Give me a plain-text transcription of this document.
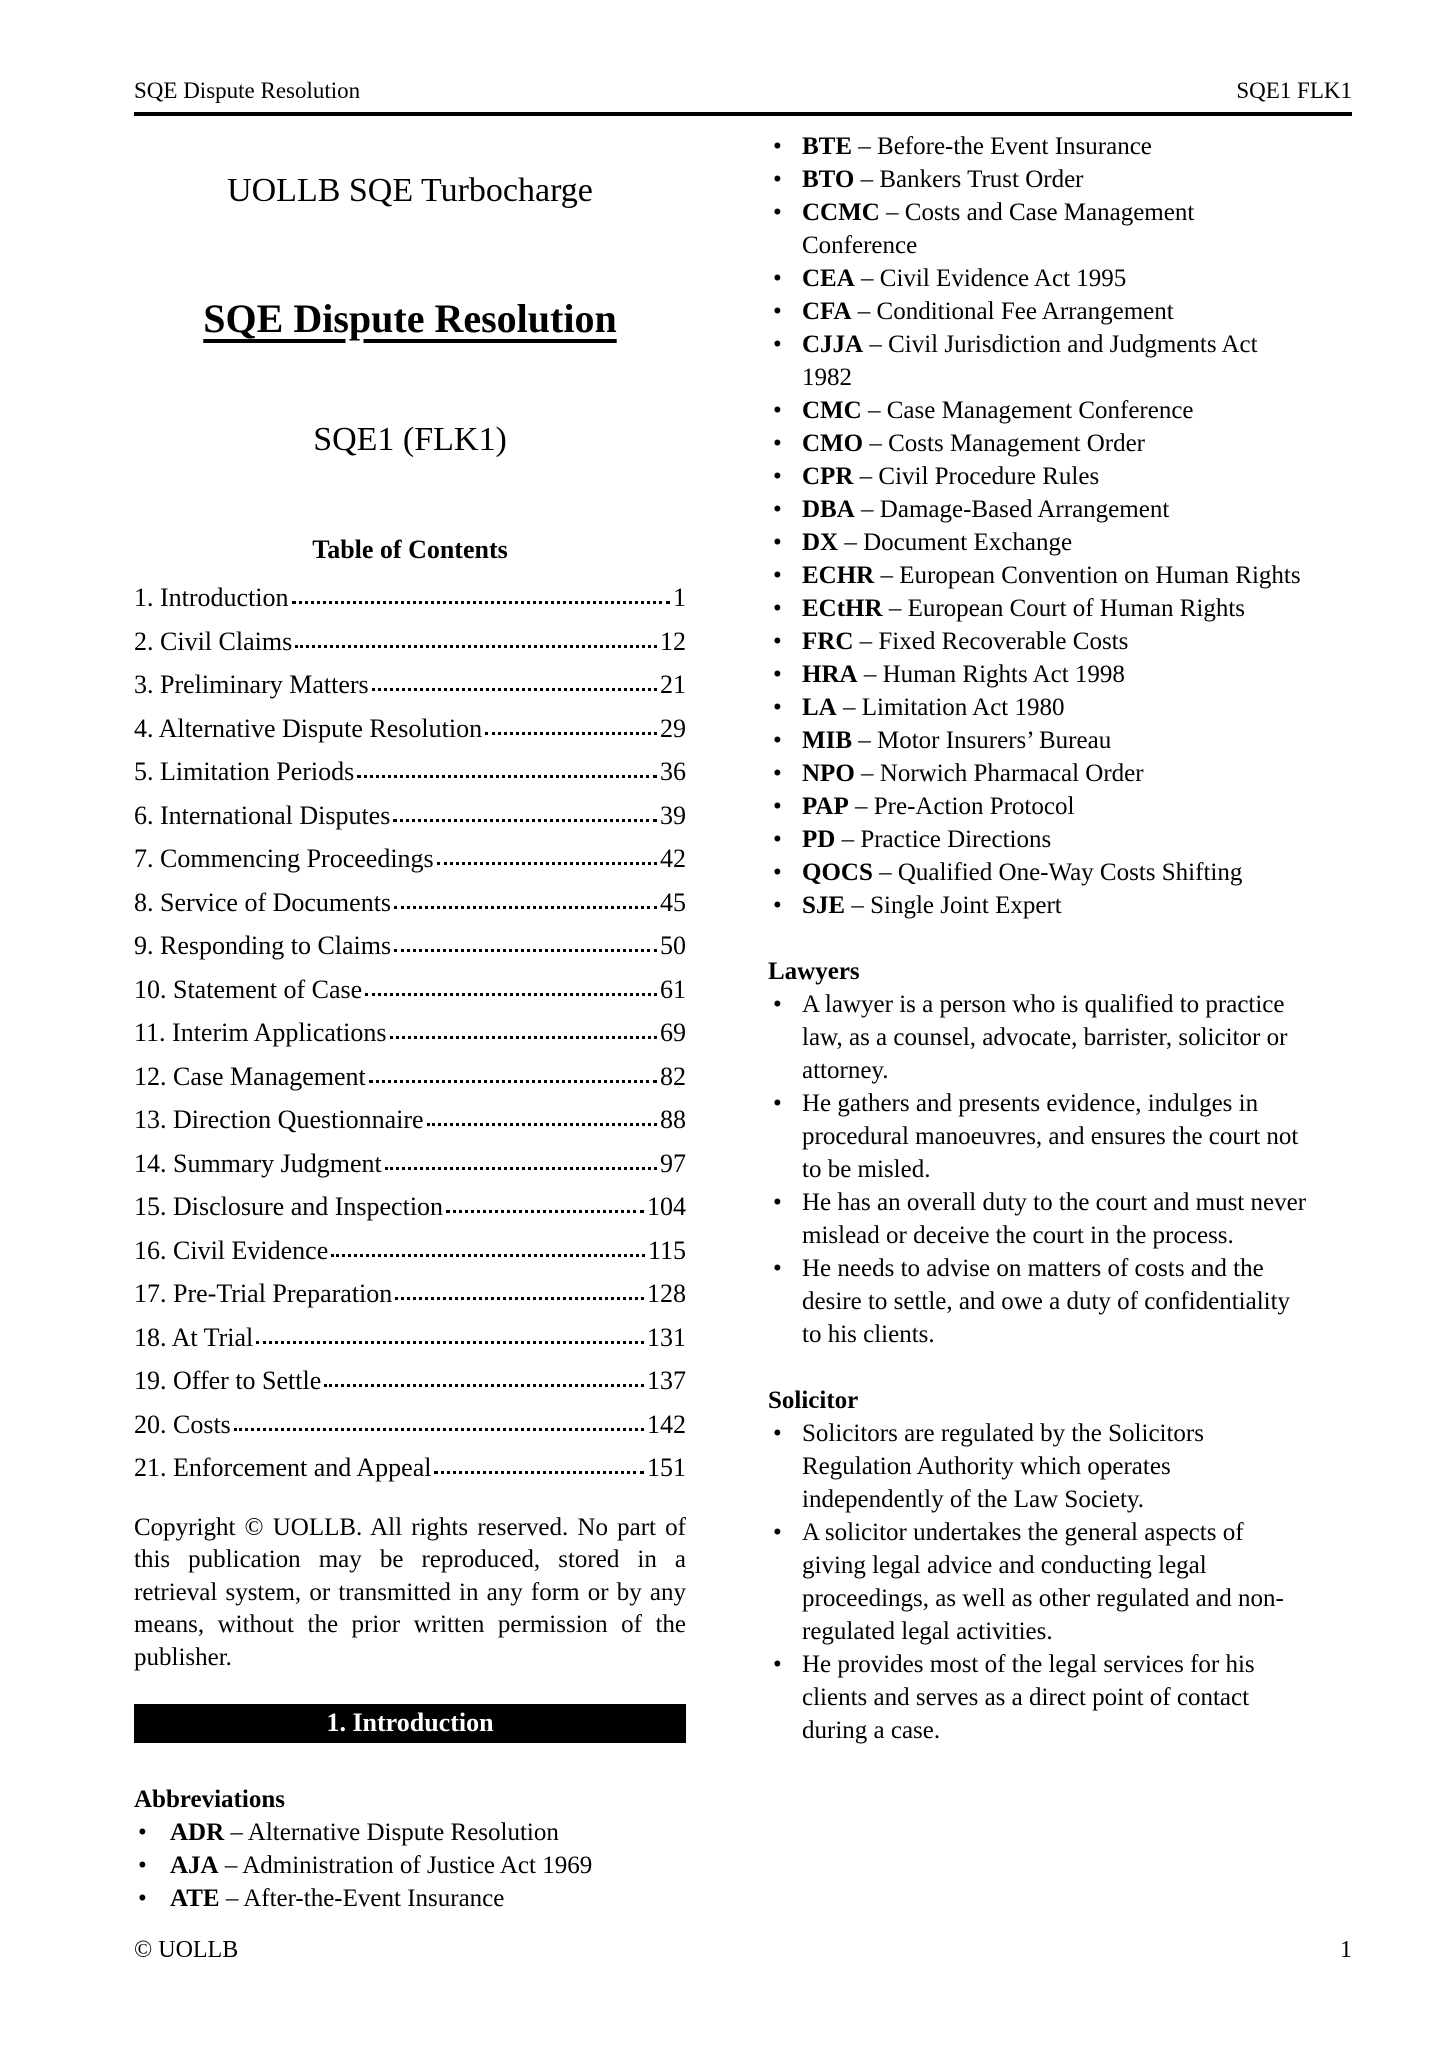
SQE Dispute Resolution	SQE1 FLK1
UOLLB SQE Turbocharge
SQE Dispute Resolution
SQE1 (FLK1)
Table of Contents
1. Introduction	1
2. Civil Claims	12
3. Preliminary Matters	21
4. Alternative Dispute Resolution	29
5. Limitation Periods	36
6. International Disputes	39
7. Commencing Proceedings	42
8. Service of Documents	45
9. Responding to Claims	50
10. Statement of Case	61
11. Interim Applications	69
12. Case Management	82
13. Direction Questionnaire	88
14. Summary Judgment	97
15. Disclosure and Inspection	104
16. Civil Evidence	115
17. Pre-Trial Preparation	128
18. At Trial	131
19. Offer to Settle	137
20. Costs	142
21. Enforcement and Appeal	151
Copyright © UOLLB. All rights reserved. No part of this publication may be reproduced, stored in a retrieval system, or transmitted in any form or by any means, without the prior written permission of the publisher.
1. Introduction
Abbreviations
• ADR – Alternative Dispute Resolution
• AJA – Administration of Justice Act 1969
• ATE – After-the-Event Insurance
• BTE – Before-the Event Insurance
• BTO – Bankers Trust Order
• CCMC – Costs and Case Management Conference
• CEA – Civil Evidence Act 1995
• CFA – Conditional Fee Arrangement
• CJJA – Civil Jurisdiction and Judgments Act 1982
• CMC – Case Management Conference
• CMO – Costs Management Order
• CPR – Civil Procedure Rules
• DBA – Damage-Based Arrangement
• DX – Document Exchange
• ECHR – European Convention on Human Rights
• ECtHR – European Court of Human Rights
• FRC – Fixed Recoverable Costs
• HRA – Human Rights Act 1998
• LA – Limitation Act 1980
• MIB – Motor Insurers’ Bureau
• NPO – Norwich Pharmacal Order
• PAP – Pre-Action Protocol
• PD – Practice Directions
• QOCS – Qualified One-Way Costs Shifting
• SJE – Single Joint Expert
Lawyers
• A lawyer is a person who is qualified to practice law, as a counsel, advocate, barrister, solicitor or attorney.
• He gathers and presents evidence, indulges in procedural manoeuvres, and ensures the court not to be misled.
• He has an overall duty to the court and must never mislead or deceive the court in the process.
• He needs to advise on matters of costs and the desire to settle, and owe a duty of confidentiality to his clients.
Solicitor
• Solicitors are regulated by the Solicitors Regulation Authority which operates independently of the Law Society.
• A solicitor undertakes the general aspects of giving legal advice and conducting legal proceedings, as well as other regulated and non-regulated legal activities.
• He provides most of the legal services for his clients and serves as a direct point of contact during a case.
© UOLLB	1
